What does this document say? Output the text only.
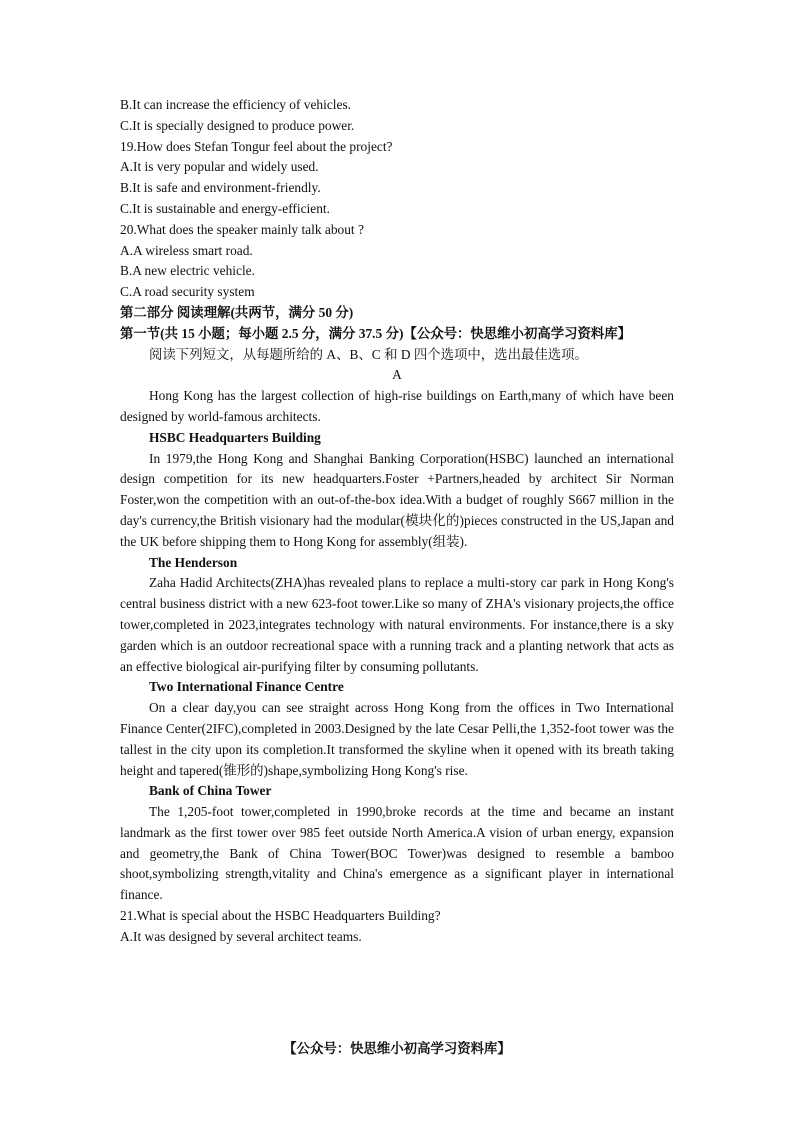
B.It can increase the efficiency of vehicles.
C.It is specially designed to produce power.
19.How does Stefan Tongur feel about the project?
A.It is very popular and widely used.
B.It is safe and environment-friendly.
C.It is sustainable and energy-efficient.
20.What does the speaker mainly talk about ?
A.A wireless smart road.
B.A new electric vehicle.
C.A road security system
第二部分 阅读理解(共两节，满分 50 分)
第一节(共 15 小题；每小题 2.5 分，满分 37.5 分)【公众号：快思维小初高学习资料库】
阅读下列短文，从每题所给的 A、B、C 和 D 四个选项中，选出最佳选项。
A

Hong Kong has the largest collection of high-rise buildings on Earth,many of which have been designed by world-famous architects.

HSBC Headquarters Building

In 1979,the Hong Kong and Shanghai Banking Corporation(HSBC) launched an international design competition for its new headquarters.Foster +Partners,headed by architect Sir Norman Foster,won the competition with an out-of-the-box idea.With a budget of roughly S667 million in the day's currency,the British visionary had the modular(模块化的)pieces constructed in the US,Japan and the UK before shipping them to Hong Kong for assembly(组装).

The Henderson

Zaha Hadid Architects(ZHA)has revealed plans to replace a multi-story car park in Hong Kong's central business district with a new 623-foot tower.Like so many of ZHA's visionary projects,the office tower,completed in 2023,integrates technology with natural environments. For instance,there is a sky garden which is an outdoor recreational space with a running track and a planting network that acts as an effective biological air-purifying filter by consuming pollutants.

Two International Finance Centre

On a clear day,you can see straight across Hong Kong from the offices in Two International Finance Center(2IFC),completed in 2003.Designed by the late Cesar Pelli,the 1,352-foot tower was the tallest in the city upon its completion.It transformed the skyline when it opened with its breath taking height and tapered(锥形的)shape,symbolizing Hong Kong's rise.

Bank of China Tower

The 1,205-foot tower,completed in 1990,broke records at the time and became an instant landmark as the first tower over 985 feet outside North America.A vision of urban energy, expansion and geometry,the Bank of China Tower(BOC Tower)was designed to resemble a bamboo shoot,symbolizing strength,vitality and China's emergence as a significant player in international finance.

21.What is special about the HSBC Headquarters Building?
A.It was designed by several architect teams.
【公众号：快思维小初高学习资料库】
